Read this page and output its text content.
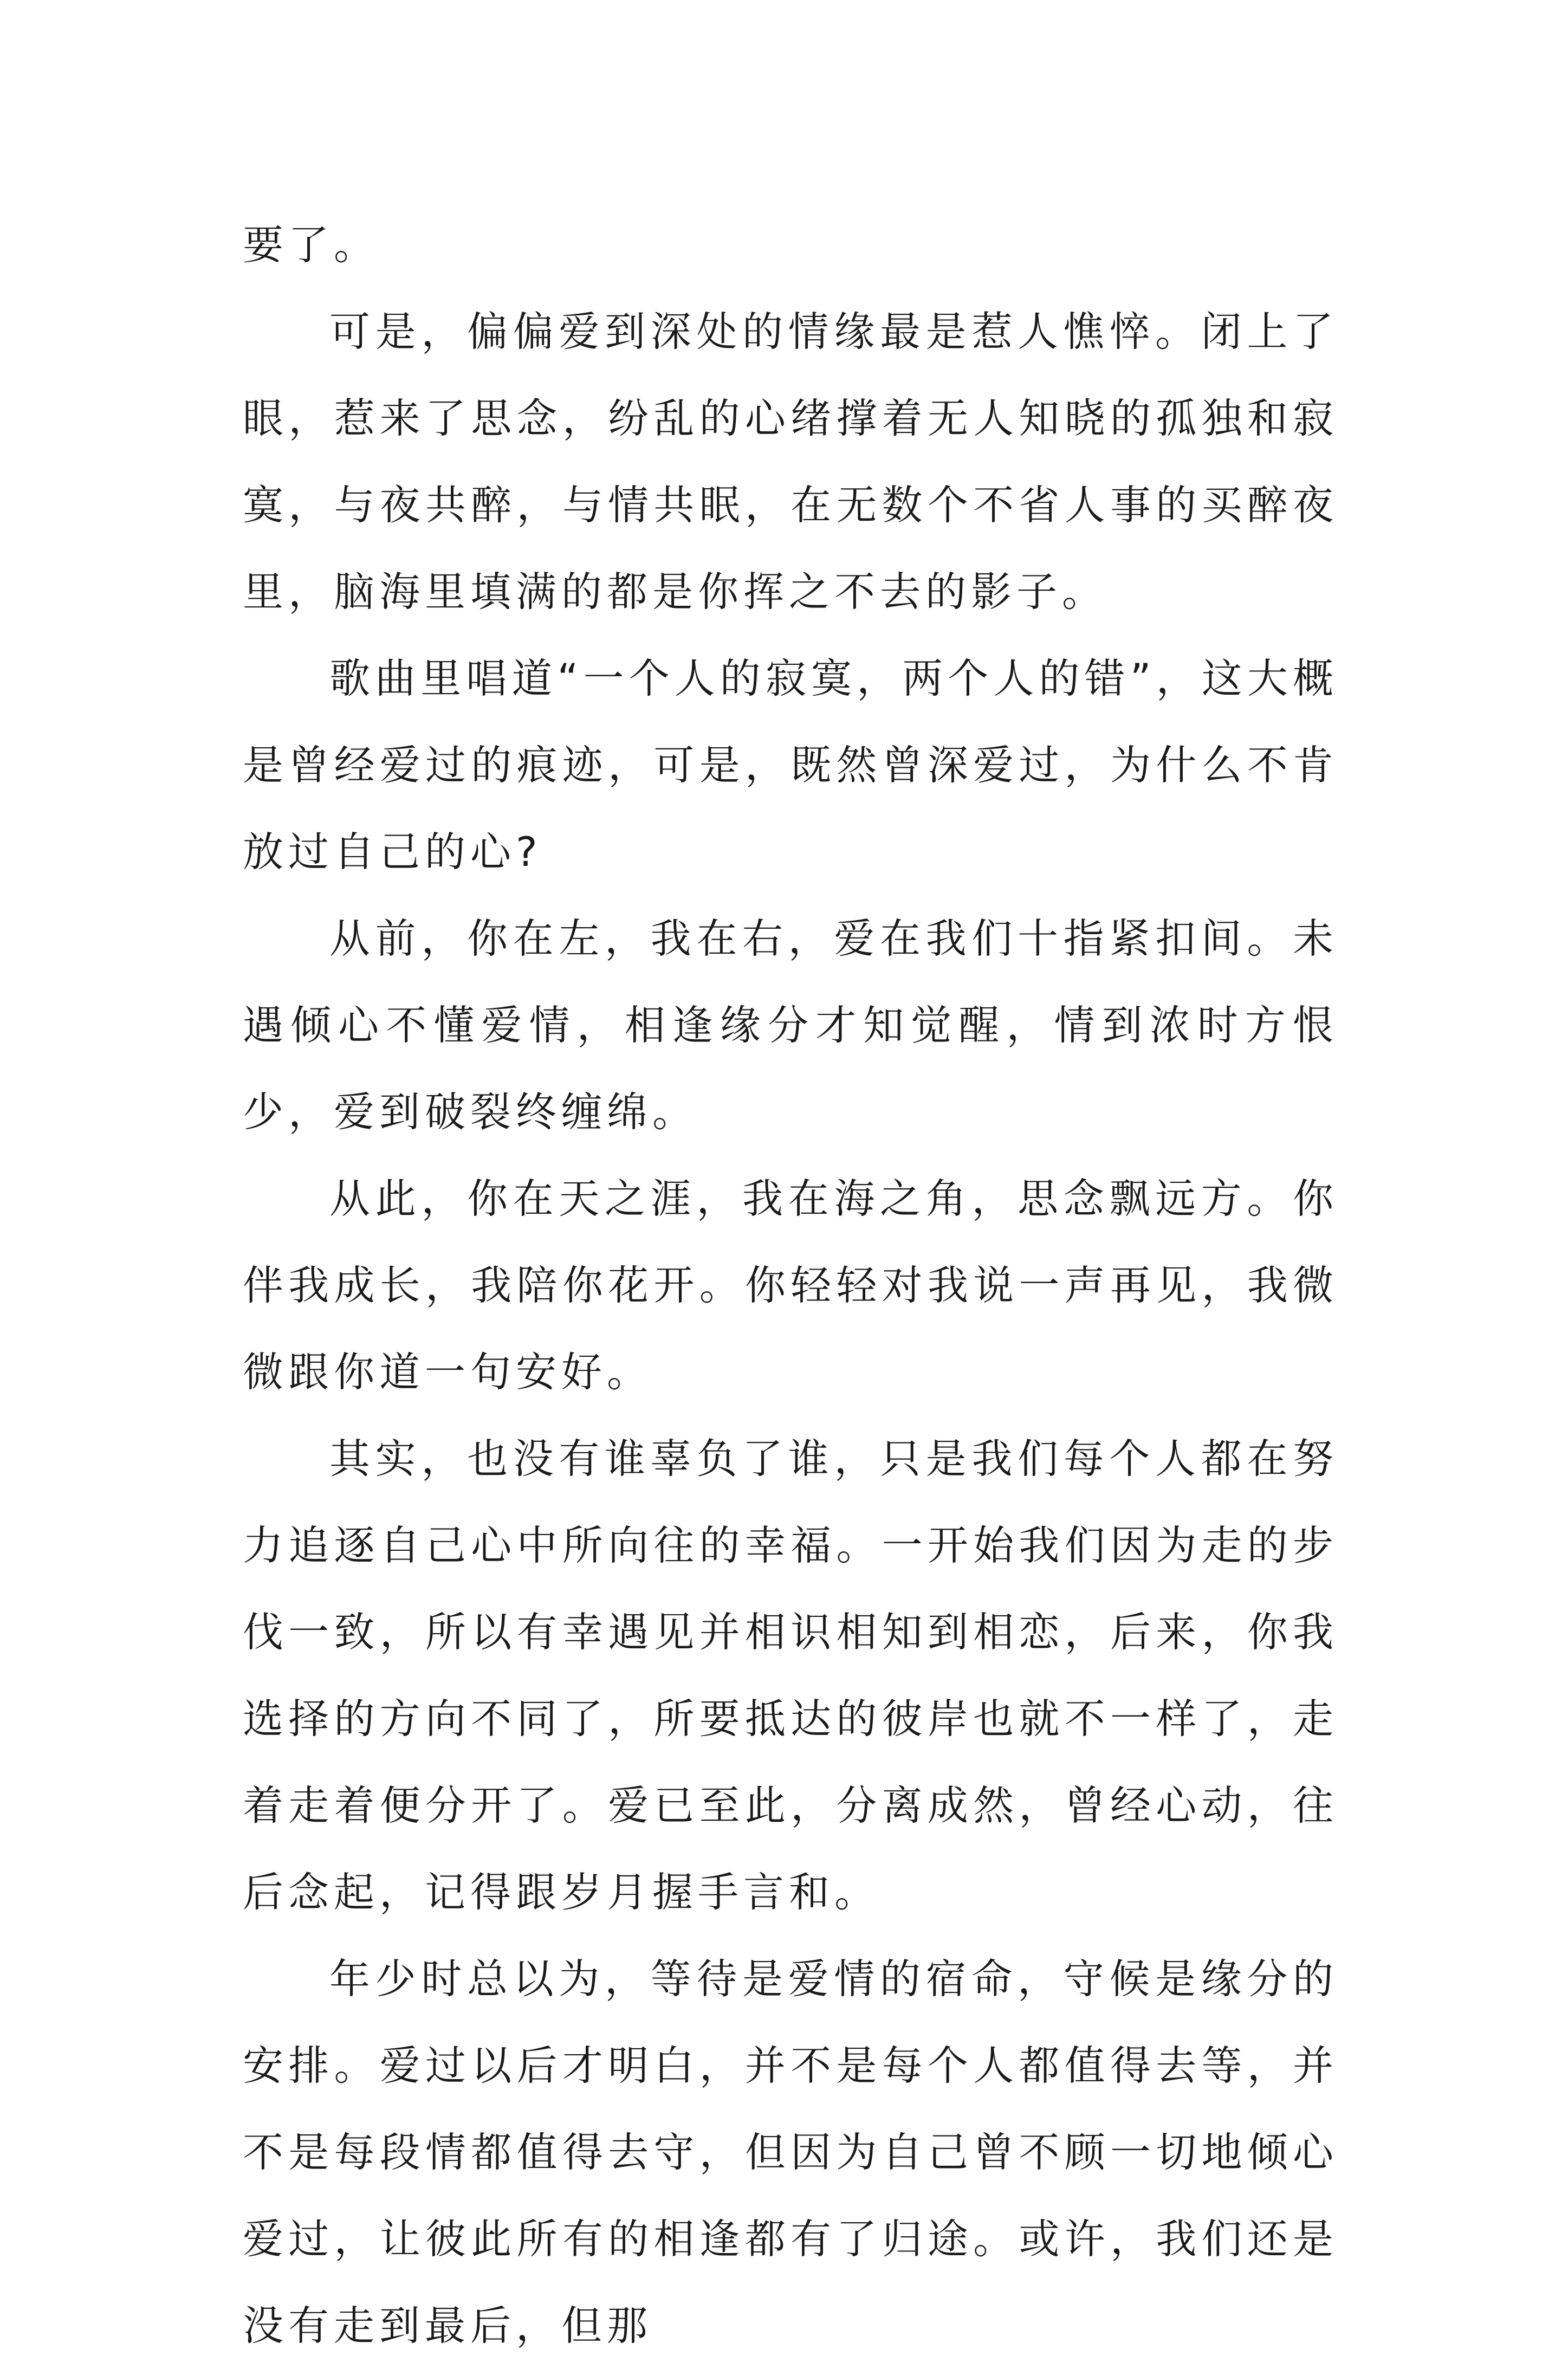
要了。

可是，偏偏爱到深处的情缘最是惹人憔悴。闭上了眼，惹来了思念，纷乱的心绪撑着无人知晓的孤独和寂寞，与夜共醉，与情共眠，在无数个不省人事的买醉夜里，脑海里填满的都是你挥之不去的影子。

歌曲里唱道“一个人的寂寞，两个人的错”，这大概是曾经爱过的痕迹，可是，既然曾深爱过，为什么不肯放过自己的心?

从前，你在左，我在右，爱在我们十指紧扣间。未遇倾心不懂爱情，相逢缘分才知觉醒，情到浓时方恨少，爱到破裂终缠绵。

从此，你在天之涯，我在海之角，思念飘远方。你伴我成长，我陪你花开。你轻轻对我说一声再见，我微微跟你道一句安好。

其实，也没有谁辜负了谁，只是我们每个人都在努力追逐自己心中所向往的幸福。一开始我们因为走的步伐一致，所以有幸遇见并相识相知到相恋，后来，你我选择的方向不同了，所要抵达的彼岸也就不一样了，走着走着便分开了。爱已至此，分离成然，曾经心动，往后念起，记得跟岁月握手言和。

年少时总以为，等待是爱情的宿命，守候是缘分的安排。爱过以后才明白，并不是每个人都值得去等，并不是每段情都值得去守，但因为自己曾不顾一切地倾心爱过，让彼此所有的相逢都有了归途。或许，我们还是没有走到最后，但那
